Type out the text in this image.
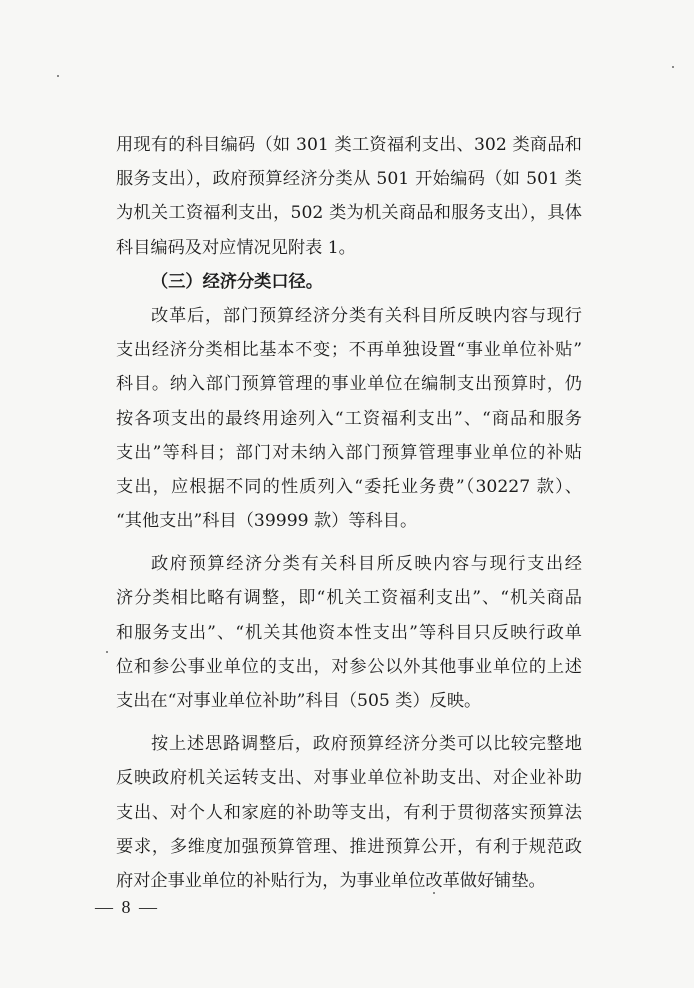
用现有的科目编码（如 301 类工资福利支出、302 类商品和
服务支出），政府预算经济分类从 501 开始编码（如 501 类
为机关工资福利支出，502 类为机关商品和服务支出），具体
科目编码及对应情况见附表 1。
（三）经济分类口径。
改革后，部门预算经济分类有关科目所反映内容与现行
支出经济分类相比基本不变；不再单独设置“事业单位补贴”
科目。纳入部门预算管理的事业单位在编制支出预算时，仍
按各项支出的最终用途列入“工资福利支出”、“商品和服务
支出”等科目；部门对未纳入部门预算管理事业单位的补贴
支出，应根据不同的性质列入“委托业务费”（30227 款）、
“其他支出”科目（39999 款）等科目。
政府预算经济分类有关科目所反映内容与现行支出经
济分类相比略有调整，即“机关工资福利支出”、“机关商品
和服务支出”、“机关其他资本性支出”等科目只反映行政单
位和参公事业单位的支出，对参公以外其他事业单位的上述
支出在“对事业单位补助”科目（505 类）反映。
按上述思路调整后，政府预算经济分类可以比较完整地
反映政府机关运转支出、对事业单位补助支出、对企业补助
支出、对个人和家庭的补助等支出，有利于贯彻落实预算法
要求，多维度加强预算管理、推进预算公开，有利于规范政
府对企事业单位的补贴行为，为事业单位改革做好铺垫。
— 8 —
